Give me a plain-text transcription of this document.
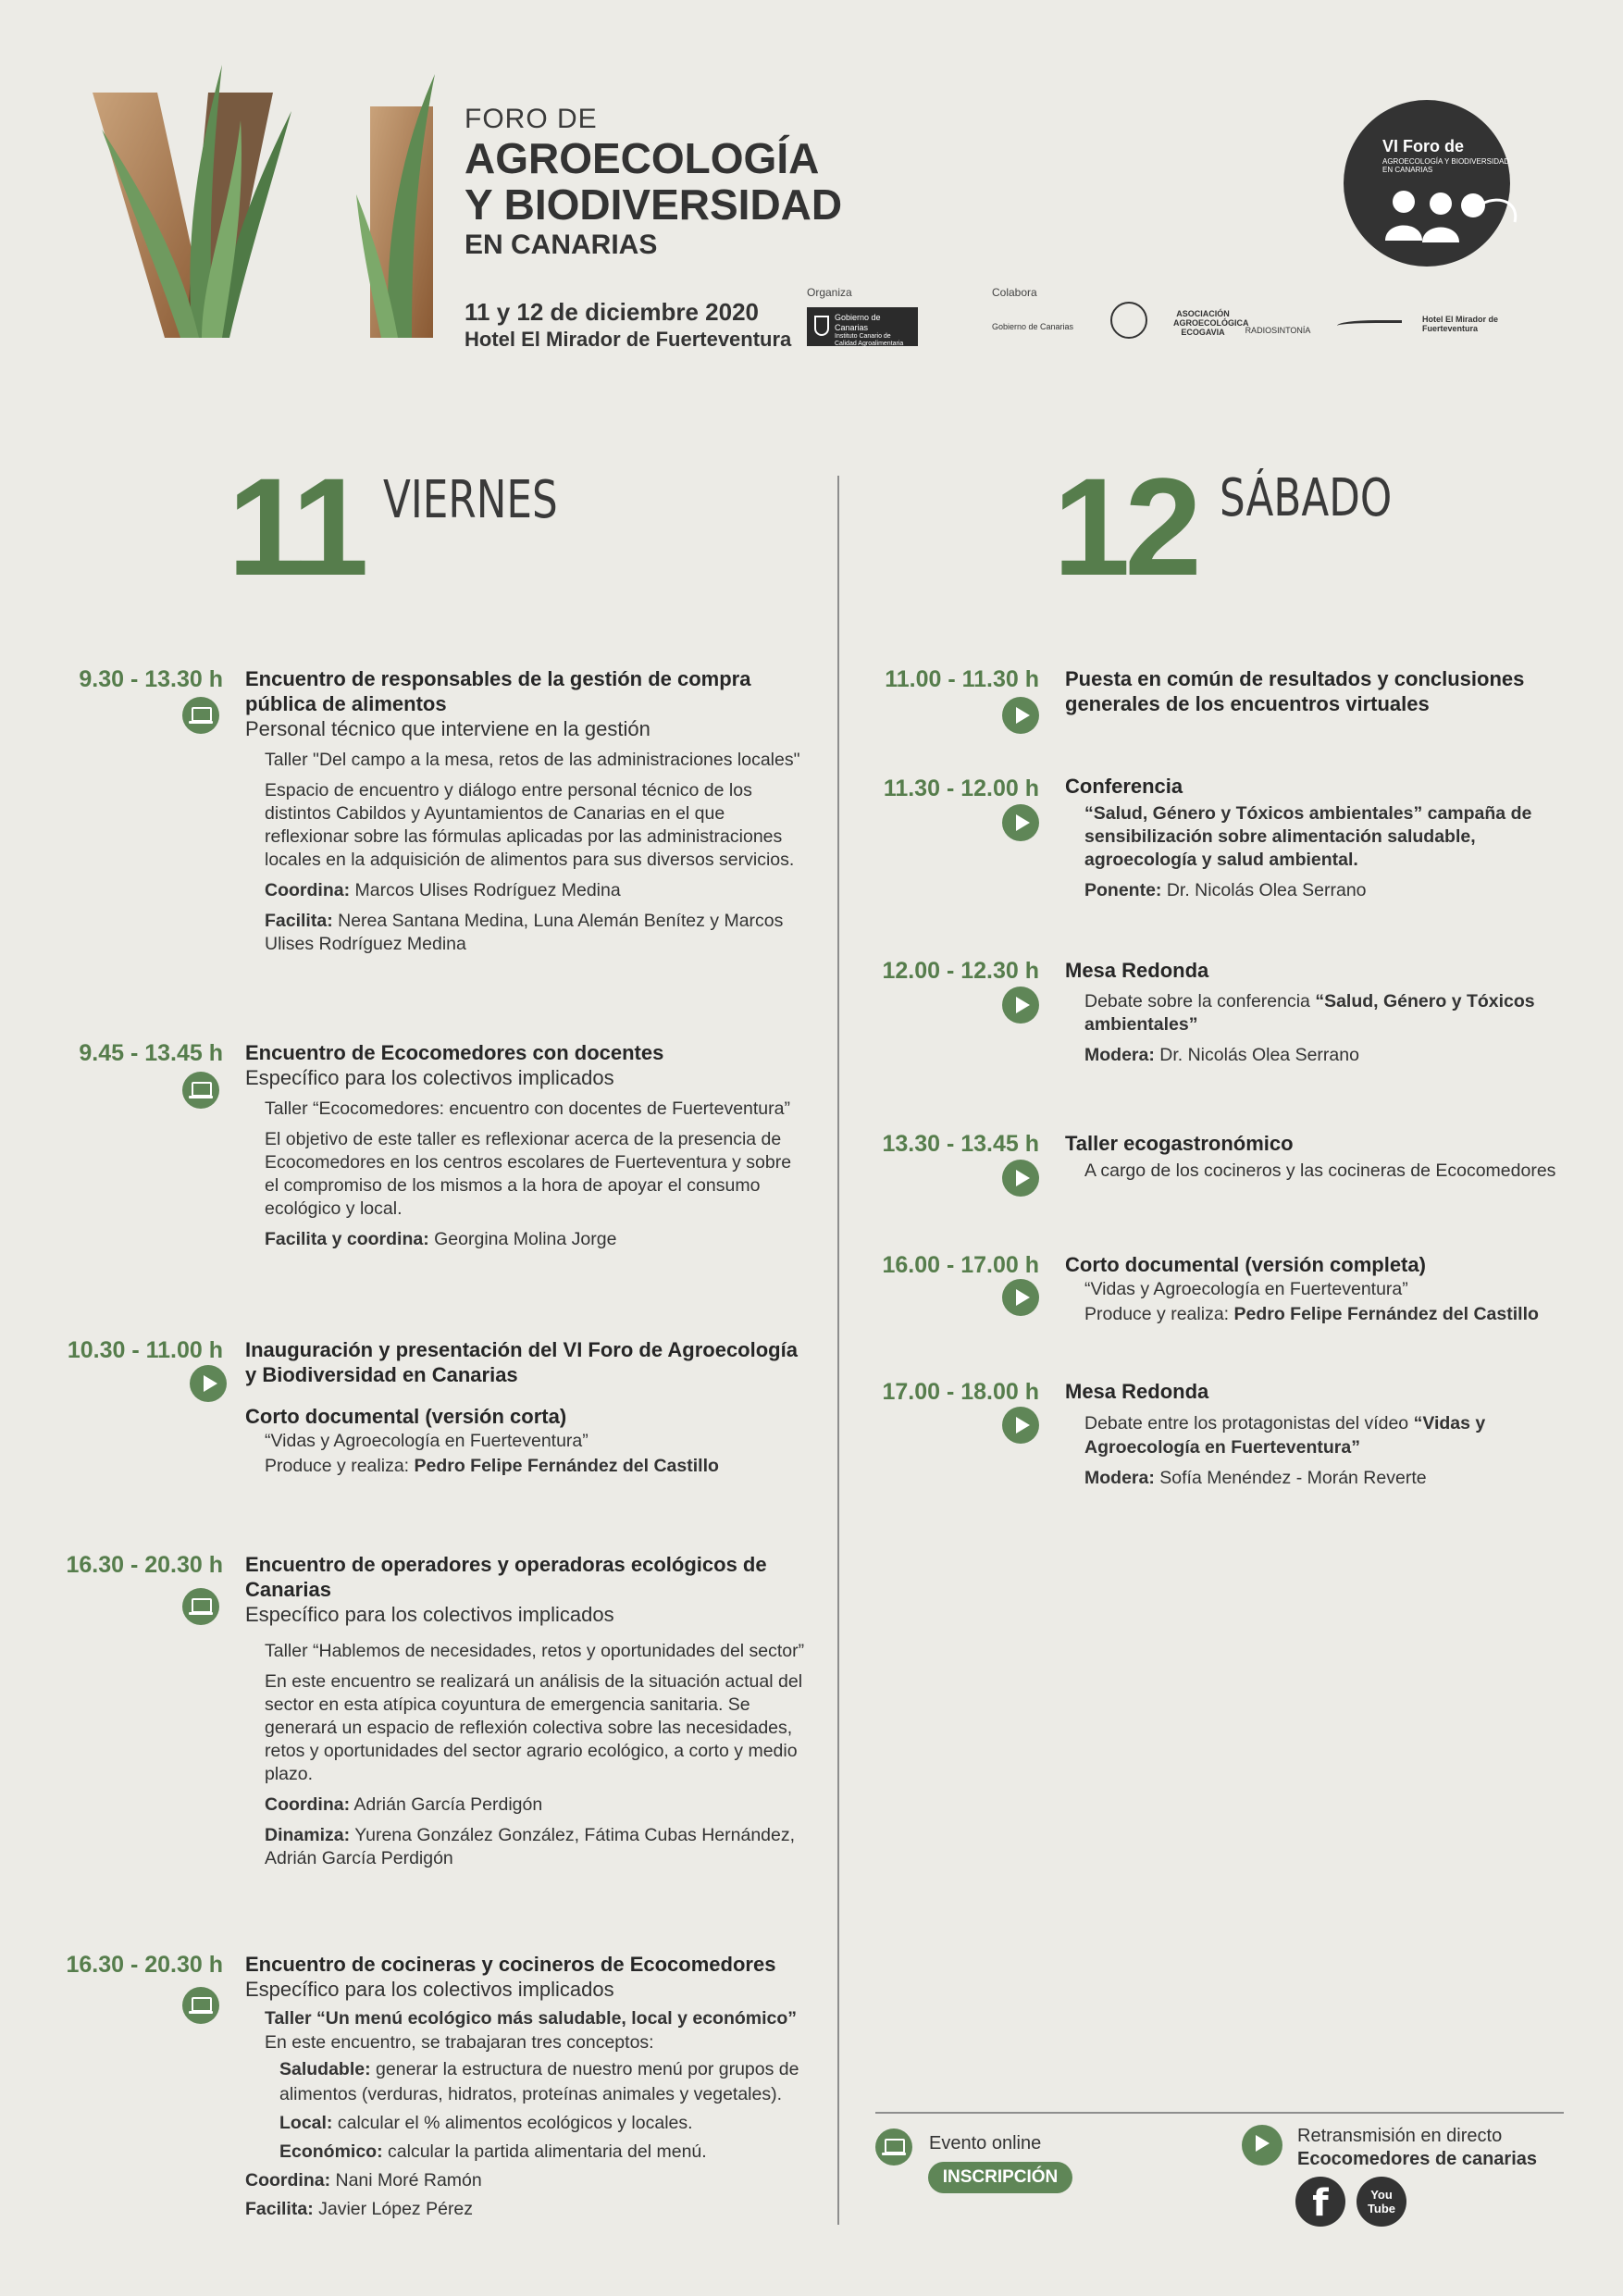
FORO DE
AGROECOLOGÍA
Y BIODIVERSIDAD
EN CANARIAS
11 y 12 de diciembre 2020
Hotel El Mirador de Fuerteventura
Organiza
Gobierno de Canarias
Instituto Canario de Calidad Agroalimentaria
Colabora
Gobierno de Canarias
ASOCIACIÓN AGROECOLÓGICA ECOGAVIA	RADIOSINTONÍA
Hotel El Mirador de Fuerteventura
VI Foro de
AGROECOLOGÍA Y BIODIVERSIDAD
EN CANARIAS
11 VIERNES	12 SÁBADO
9.30 - 13.30 h Encuentro de responsables de la gestión de compra pública de alimentos
Personal técnico que interviene en la gestión
Taller "Del campo a la mesa, retos de las administraciones locales"
Espacio de encuentro y diálogo entre personal técnico de los distintos Cabildos y Ayuntamientos de Canarias en el que reflexionar sobre las fórmulas aplicadas por las administraciones locales en la adquisición de alimentos para sus diversos servicios.
Coordina: Marcos Ulises Rodríguez Medina
Facilita: Nerea Santana Medina, Luna Alemán Benítez y Marcos Ulises Rodríguez Medina
9.45 - 13.45 h Encuentro de Ecocomedores con docentes
Específico para los colectivos implicados
Taller “Ecocomedores: encuentro con docentes de Fuerteventura”
El objetivo de este taller es reflexionar acerca de la presencia de Ecocomedores en los centros escolares de Fuerteventura y sobre el compromiso de los mismos a la hora de apoyar el consumo ecológico y local.
Facilita y coordina: Georgina Molina Jorge
10.30 - 11.00 h Inauguración y presentación del VI Foro de Agroecología y Biodiversidad en Canarias
Corto documental (versión corta)
“Vidas y Agroecología en Fuerteventura”
Produce y realiza: Pedro Felipe Fernández del Castillo
16.30 - 20.30 h Encuentro de operadores y operadoras ecológicos de Canarias
Específico para los colectivos implicados
Taller “Hablemos de necesidades, retos y oportunidades del sector”
En este encuentro se realizará un análisis de la situación actual del sector en esta atípica coyuntura de emergencia sanitaria. Se generará un espacio de reflexión colectiva sobre las necesidades, retos y oportunidades del sector agrario ecológico, a corto y medio plazo.
Coordina: Adrián García Perdigón
Dinamiza: Yurena González González, Fátima Cubas Hernández, Adrián García Perdigón
16.30 - 20.30 h Encuentro de cocineras y cocineros de Ecocomedores
Específico para los colectivos implicados
Taller “Un menú ecológico más saludable, local y económico”
En este encuentro, se trabajaran tres conceptos:
Saludable: generar la estructura de nuestro menú por grupos de alimentos (verduras, hidratos, proteínas animales y vegetales).
Local: calcular el % alimentos ecológicos y locales.
Económico: calcular la partida alimentaria del menú.
Coordina: Nani Moré Ramón
Facilita: Javier López Pérez
11.00 - 11.30 h Puesta en común de resultados y conclusiones generales de los encuentros virtuales
11.30 - 12.00 h Conferencia
“Salud, Género y Tóxicos ambientales” campaña de sensibilización sobre alimentación saludable, agroecología y salud ambiental.
Ponente: Dr. Nicolás Olea Serrano
12.00 - 12.30 h Mesa Redonda
Debate sobre la conferencia “Salud, Género y Tóxicos ambientales”
Modera: Dr. Nicolás Olea Serrano
13.30 - 13.45 h Taller ecogastronómico
A cargo de los cocineros y las cocineras de Ecocomedores
16.00 - 17.00 h Corto documental (versión completa)
“Vidas y Agroecología en Fuerteventura”
Produce y realiza: Pedro Felipe Fernández del Castillo
17.00 - 18.00 h Mesa Redonda
Debate entre los protagonistas del vídeo “Vidas y Agroecología en Fuerteventura”
Modera: Sofía Menéndez - Morán Reverte
Evento online
INSCRIPCIÓN
Retransmisión en directo
Ecocomedores de canarias
f	You
Tube
